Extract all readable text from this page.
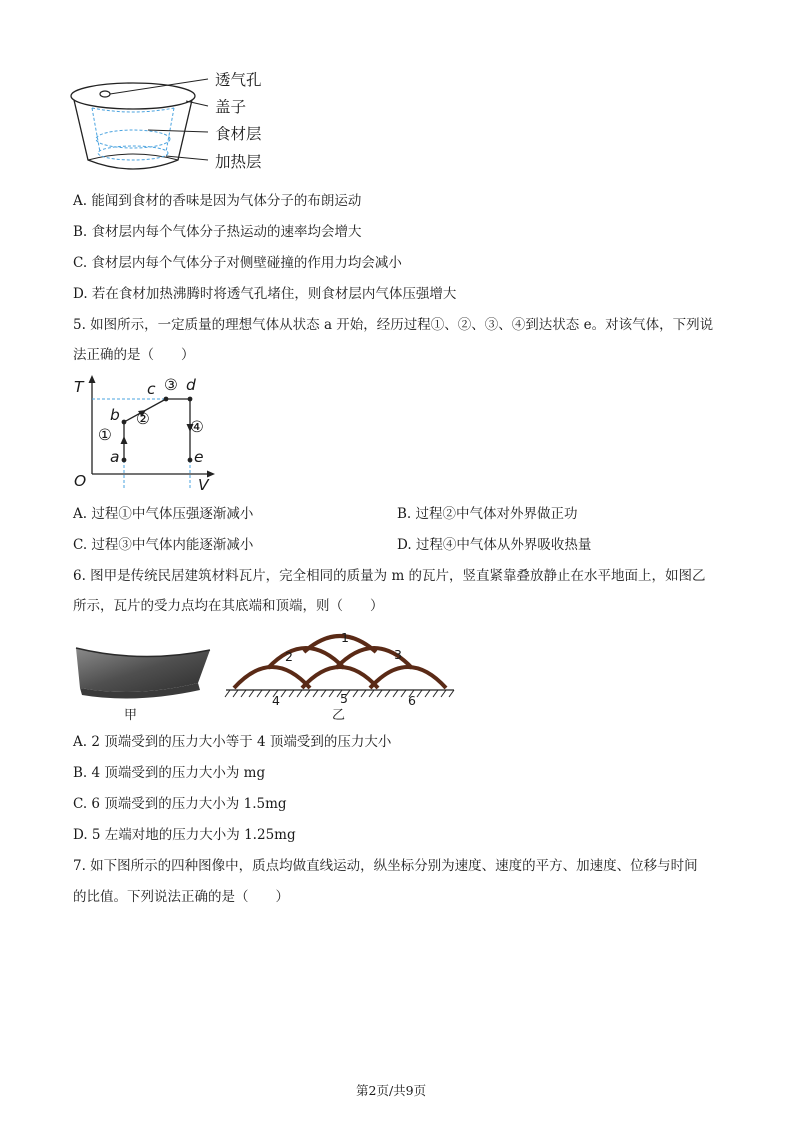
透气孔
盖子
食材层
加热层
A. 能闻到食材的香味是因为气体分子的布朗运动
B. 食材层内每个气体分子热运动的速率均会增大
C. 食材层内每个气体分子对侧壁碰撞的作用力均会减小
D. 若在食材加热沸腾时将透气孔堵住，则食材层内气体压强增大
5. 如图所示，一定质量的理想气体从状态 a 开始，经历过程①、②、③、④到达状态 e。对该气体，下列说
法正确的是（　　）
T
V
O
a
b
c d
e
①
②
③
④
A. 过程①中气体压强逐渐减小	B. 过程②中气体对外界做正功
C. 过程③中气体内能逐渐减小	D. 过程④中气体从外界吸收热量
6. 图甲是传统民居建筑材料瓦片，完全相同的质量为 m 的瓦片，竖直紧靠叠放静止在水平地面上，如图乙
所示，瓦片的受力点均在其底端和顶端，则（　　）
甲
1
2	3
4	5	6
乙
A. 2 顶端受到的压力大小等于 4 顶端受到的压力大小
B. 4 顶端受到的压力大小为 mg
C. 6 顶端受到的压力大小为 1.5mg
D. 5 左端对地的压力大小为 1.25mg
7. 如下图所示的四种图像中，质点均做直线运动，纵坐标分别为速度、速度的平方、加速度、位移与时间
的比值。下列说法正确的是（　　）
第2页/共9页
